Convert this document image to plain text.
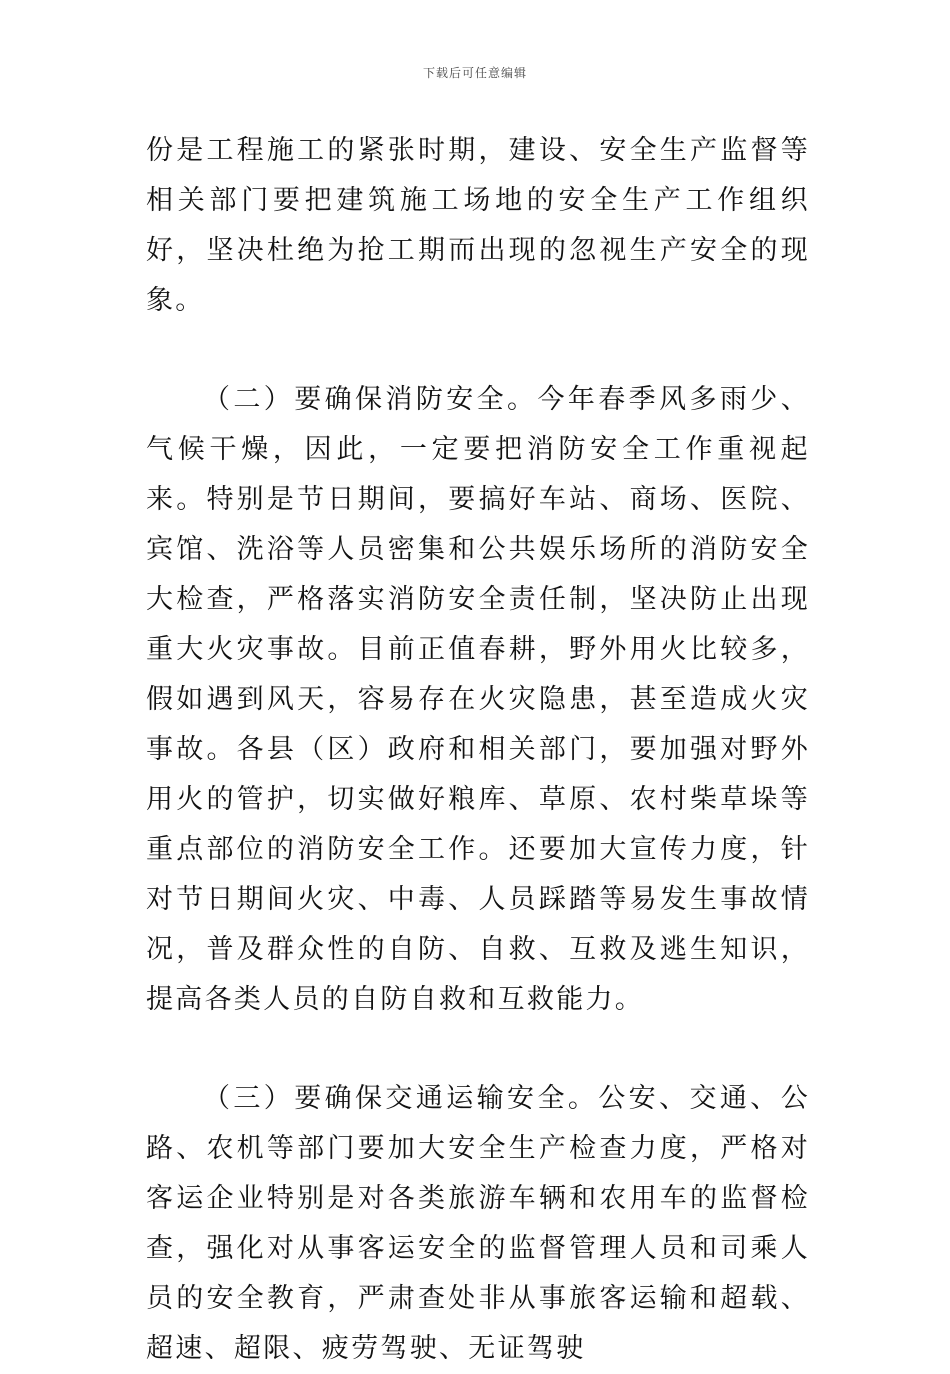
下载后可任意编辑

份是工程施工的紧张时期，建设、安全生产监督等相关部门要把建筑施工场地的安全生产工作组织好，坚决杜绝为抢工期而出现的忽视生产安全的现象。

（二）要确保消防安全。今年春季风多雨少、气候干燥，因此，一定要把消防安全工作重视起来。特别是节日期间，要搞好车站、商场、医院、宾馆、洗浴等人员密集和公共娱乐场所的消防安全大检查，严格落实消防安全责任制，坚决防止出现重大火灾事故。目前正值春耕，野外用火比较多，假如遇到风天，容易存在火灾隐患，甚至造成火灾事故。各县（区）政府和相关部门，要加强对野外用火的管护，切实做好粮库、草原、农村柴草垛等重点部位的消防安全工作。还要加大宣传力度，针对节日期间火灾、中毒、人员踩踏等易发生事故情况，普及群众性的自防、自救、互救及逃生知识，提高各类人员的自防自救和互救能力。

（三）要确保交通运输安全。公安、交通、公路、农机等部门要加大安全生产检查力度，严格对客运企业特别是对各类旅游车辆和农用车的监督检查，强化对从事客运安全的监督管理人员和司乘人员的安全教育，严肃查处非从事旅客运输和超载、超速、超限、疲劳驾驶、无证驾驶
